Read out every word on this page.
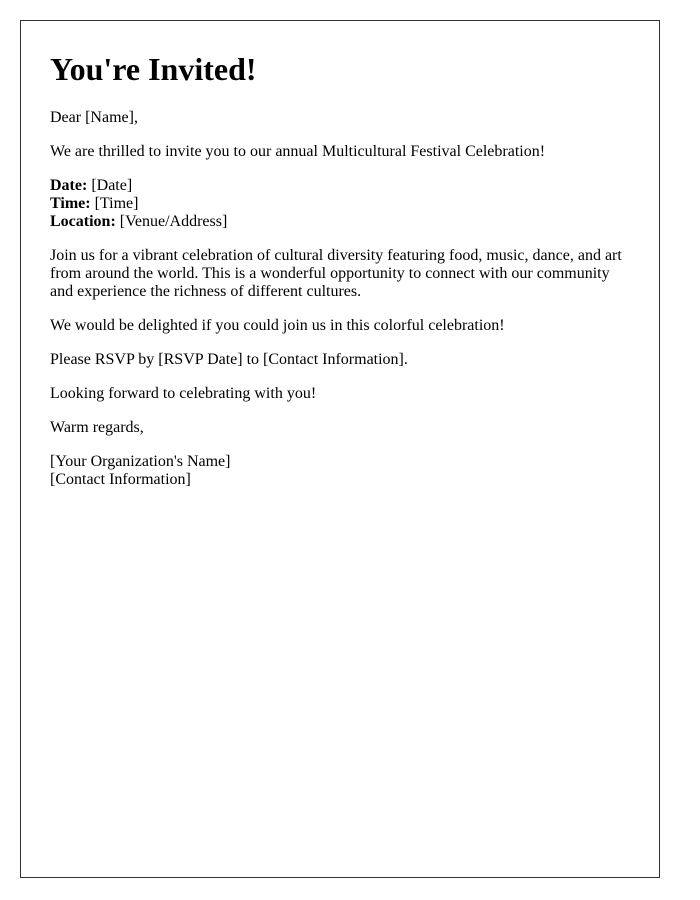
You're Invited!

Dear [Name],

We are thrilled to invite you to our annual Multicultural Festival Celebration!

Date: [Date]
Time: [Time]
Location: [Venue/Address]

Join us for a vibrant celebration of cultural diversity featuring food, music, dance, and art from around the world. This is a wonderful opportunity to connect with our community and experience the richness of different cultures.

We would be delighted if you could join us in this colorful celebration!

Please RSVP by [RSVP Date] to [Contact Information].

Looking forward to celebrating with you!

Warm regards,

[Your Organization's Name]
[Contact Information]
